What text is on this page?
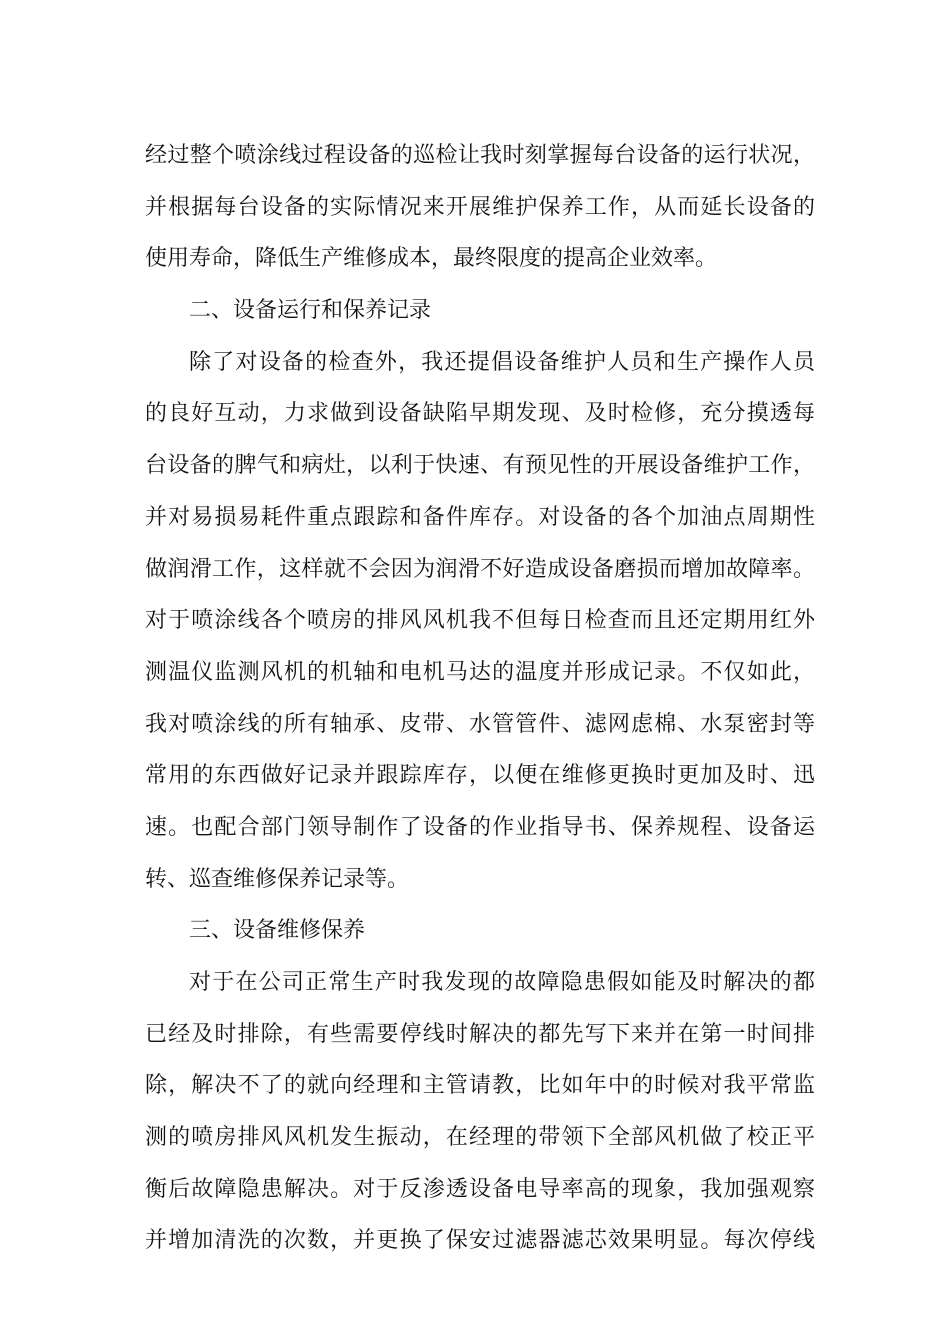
经过整个喷涂线过程设备的巡检让我时刻掌握每台设备的运行状况，
并根据每台设备的实际情况来开展维护保养工作，从而延长设备的
使用寿命，降低生产维修成本，最终限度的提高企业效率。
二、设备运行和保养记录
除了对设备的检查外，我还提倡设备维护人员和生产操作人员
的良好互动，力求做到设备缺陷早期发现、及时检修，充分摸透每
台设备的脾气和病灶，以利于快速、有预见性的开展设备维护工作，
并对易损易耗件重点跟踪和备件库存。对设备的各个加油点周期性
做润滑工作，这样就不会因为润滑不好造成设备磨损而增加故障率。
对于喷涂线各个喷房的排风风机我不但每日检查而且还定期用红外
测温仪监测风机的机轴和电机马达的温度并形成记录。不仅如此，
我对喷涂线的所有轴承、皮带、水管管件、滤网虑棉、水泵密封等
常用的东西做好记录并跟踪库存，以便在维修更换时更加及时、迅
速。也配合部门领导制作了设备的作业指导书、保养规程、设备运
转、巡查维修保养记录等。
三、设备维修保养
对于在公司正常生产时我发现的故障隐患假如能及时解决的都
已经及时排除，有些需要停线时解决的都先写下来并在第一时间排
除，解决不了的就向经理和主管请教，比如年中的时候对我平常监
测的喷房排风风机发生振动，在经理的带领下全部风机做了校正平
衡后故障隐患解决。对于反渗透设备电导率高的现象，我加强观察
并增加清洗的次数，并更换了保安过滤器滤芯效果明显。每次停线
